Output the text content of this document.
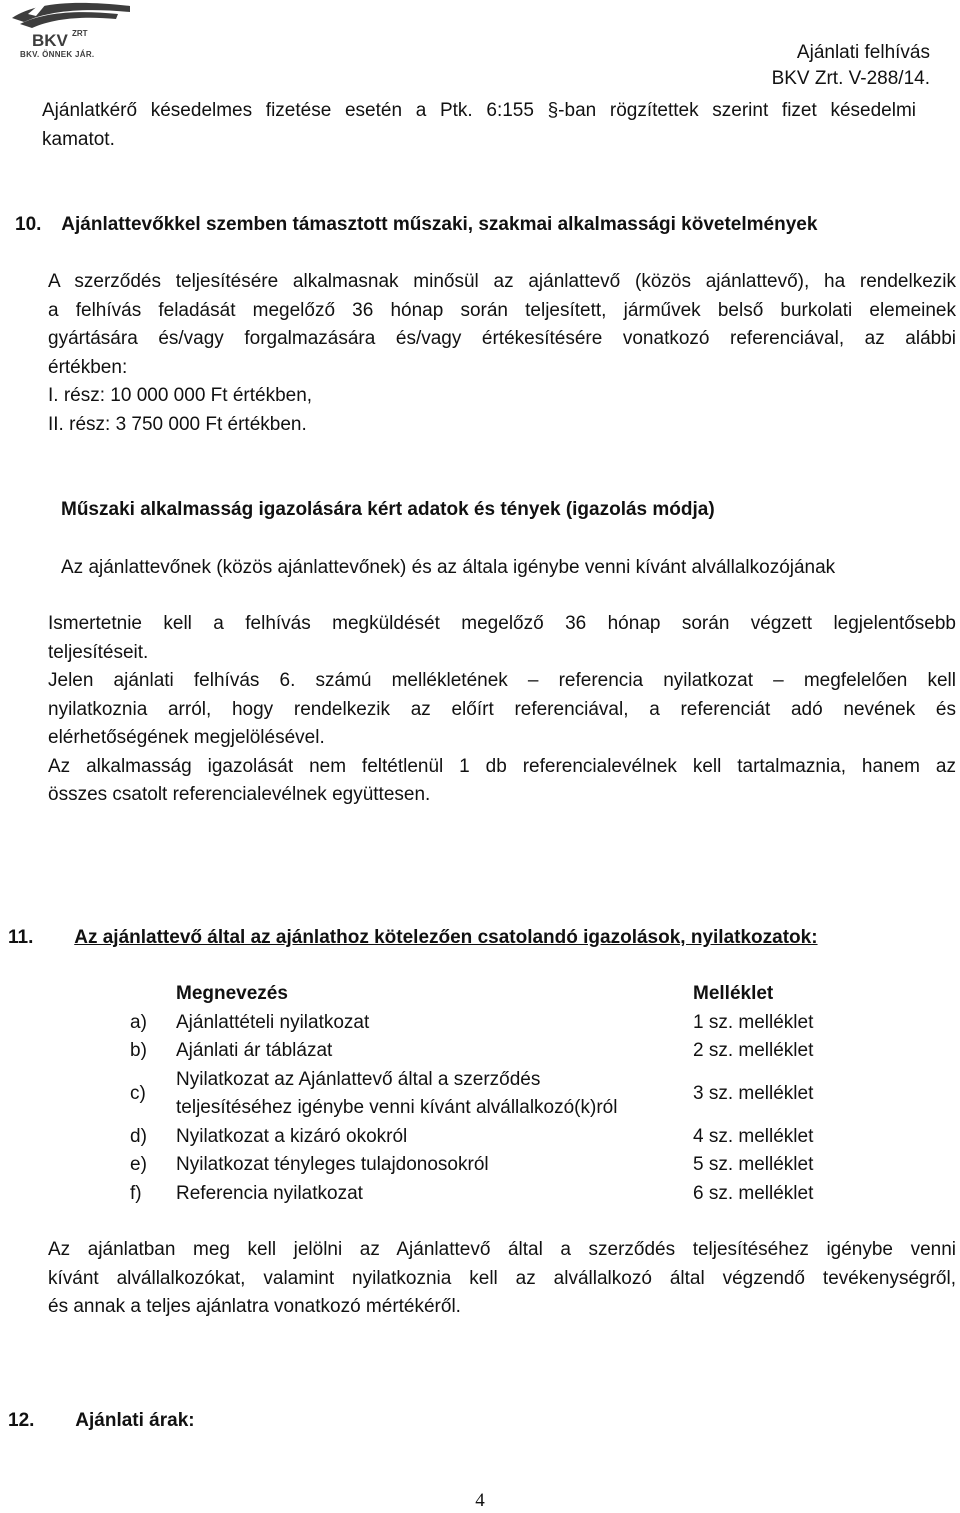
BKV ZRT
BKV. ÖNNEK JÁR.	Ajánlati felhívás
BKV Zrt. V-288/14.
Ajánlatkérő késedelmes fizetése esetén a Ptk. 6:155 §-ban rögzítettek szerint fizet késedelmi
kamatot.
10. Ajánlattevőkkel szemben támasztott műszaki, szakmai alkalmassági követelmények
A szerződés teljesítésére alkalmasnak minősül az ajánlattevő (közös ajánlattevő), ha rendelkezik
a felhívás feladását megelőző 36 hónap során teljesített, járművek belső burkolati elemeinek
gyártására és/vagy forgalmazására és/vagy értékesítésére vonatkozó referenciával, az alábbi
értékben:
I. rész: 10 000 000 Ft értékben,
II. rész: 3 750 000 Ft értékben.
Műszaki alkalmasság igazolására kért adatok és tények (igazolás módja)
Az ajánlattevőnek (közös ajánlattevőnek) és az általa igénybe venni kívánt alvállalkozójának
Ismertetnie kell a felhívás megküldését megelőző 36 hónap során végzett legjelentősebb
teljesítéseit.
Jelen ajánlati felhívás 6. számú mellékletének – referencia nyilatkozat – megfelelően kell
nyilatkoznia arról, hogy rendelkezik az előírt referenciával, a referenciát adó nevének és
elérhetőségének megjelölésével.
Az alkalmasság igazolását nem feltétlenül 1 db referencialevélnek kell tartalmaznia, hanem az
összes csatolt referencialevélnek együttesen.
11. Az ajánlattevő által az ajánlathoz kötelezően csatolandó igazolások, nyilatkozatok:
	Megnevezés	Melléklet
a)	Ajánlattételi nyilatkozat	1 sz. melléklet
b)	Ajánlati ár táblázat	2 sz. melléklet
c)	Nyilatkozat az Ajánlattevő által a szerződés
teljesítéséhez igénybe venni kívánt alvállalkozó(k)ról	3 sz. melléklet
d)	Nyilatkozat a kizáró okokról	4 sz. melléklet
e)	Nyilatkozat tényleges tulajdonosokról	5 sz. melléklet
f)	Referencia nyilatkozat	6 sz. melléklet
Az ajánlatban meg kell jelölni az Ajánlattevő által a szerződés teljesítéséhez igénybe venni
kívánt alvállalkozókat, valamint nyilatkoznia kell az alvállalkozó által végzendő tevékenységről,
és annak a teljes ajánlatra vonatkozó mértékéről.
12. Ajánlati árak:
4
